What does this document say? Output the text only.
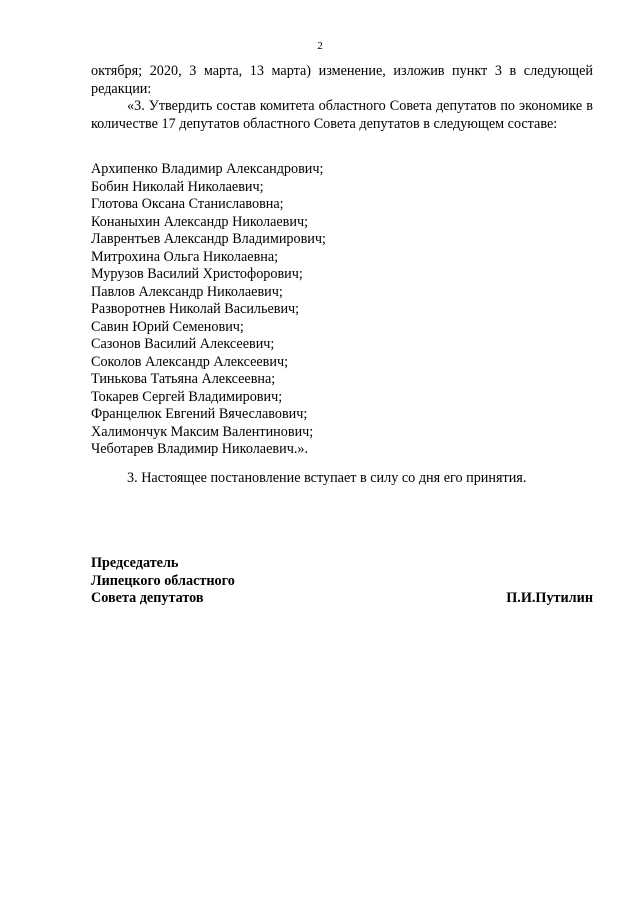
2

октября; 2020, 3 марта, 13 марта) изменение, изложив пункт 3 в следующей редакции:

«3. Утвердить состав комитета областного Совета депутатов по экономике в количестве 17 депутатов областного Совета депутатов в следующем составе:

Архипенко Владимир Александрович;
Бобин Николай Николаевич;
Глотова Оксана Станиславовна;
Конаныхин Александр Николаевич;
Лаврентьев Александр Владимирович;
Митрохина Ольга Николаевна;
Мурузов Василий Христофорович;
Павлов Александр Николаевич;
Разворотнев Николай Васильевич;
Савин Юрий Семенович;
Сазонов Василий Алексеевич;
Соколов Александр Алексеевич;
Тинькова Татьяна Алексеевна;
Токарев Сергей Владимирович;
Францелюк Евгений Вячеславович;
Халимончук Максим Валентинович;
Чеботарев Владимир Николаевич.».

3. Настоящее постановление вступает в силу со дня его принятия.

Председатель
Липецкого областного
Совета депутатов	П.И.Путилин
